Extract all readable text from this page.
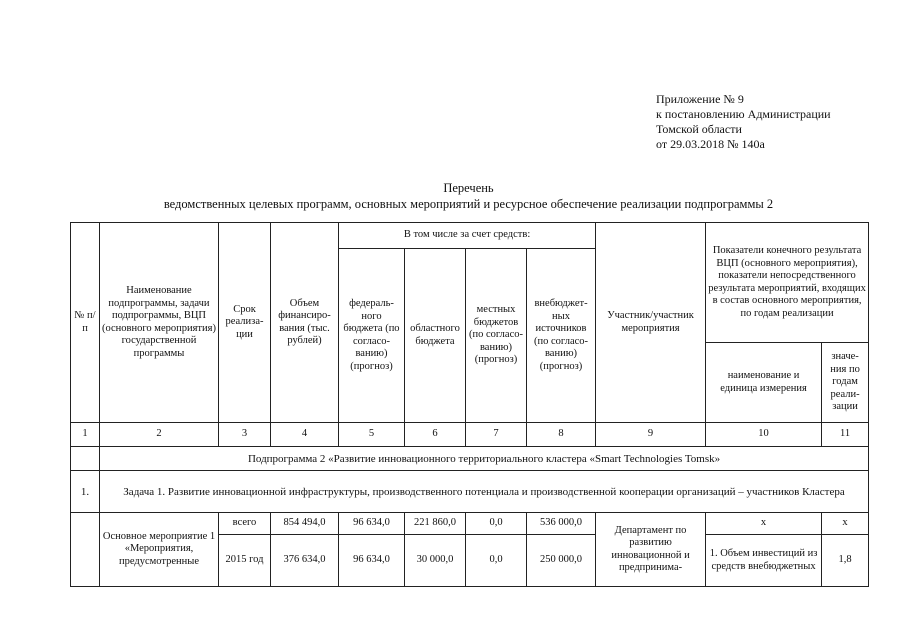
Приложение № 9
к постановлению Администрации
Томской области
от 29.03.2018 № 140а
Перечень
ведомственных целевых программ, основных мероприятий и ресурсное обеспечение реализации подпрограммы 2
№ п/п	Наименование подпрограммы, задачи подпрограммы, ВЦП (основного мероприятия) государственной программы	Срок реализа-ции	Объем финансиро-вания (тыс. рублей)	В том числе за счет средств:				Участник/участник мероприятия	Показатели конечного результата ВЦП (основного мероприятия), показатели непосредственного результата мероприятий, входящих в состав основного мероприятия, по годам реализации	
				федераль-ного бюджета (по согласо-ванию) (прогноз)	областного бюджета	местных бюджетов (по согласо-ванию) (прогноз)	внебюджет-ных источников (по согласо-ванию) (прогноз)			
									наименование и единица измерения	значе-ния по годам реали-зации
1	2	3	4	5	6	7	8	9	10	11
	Подпрограмма 2 «Развитие инновационного территориального кластера «Smart Technologies Tomsk»									
1.	Задача 1. Развитие инновационной инфраструктуры, производственного потенциала и производственной кооперации организаций – участников Кластера									
	Основное мероприятие 1 «Мероприятия, предусмотренные	всего	854 494,0	96 634,0	221 860,0	0,0	536 000,0	Департамент по развитию инновационной и предпринима-	х	х
		2015 год	376 634,0	96 634,0	30 000,0	0,0	250 000,0		1. Объем инвестиций из средств внебюджетных	1,8
